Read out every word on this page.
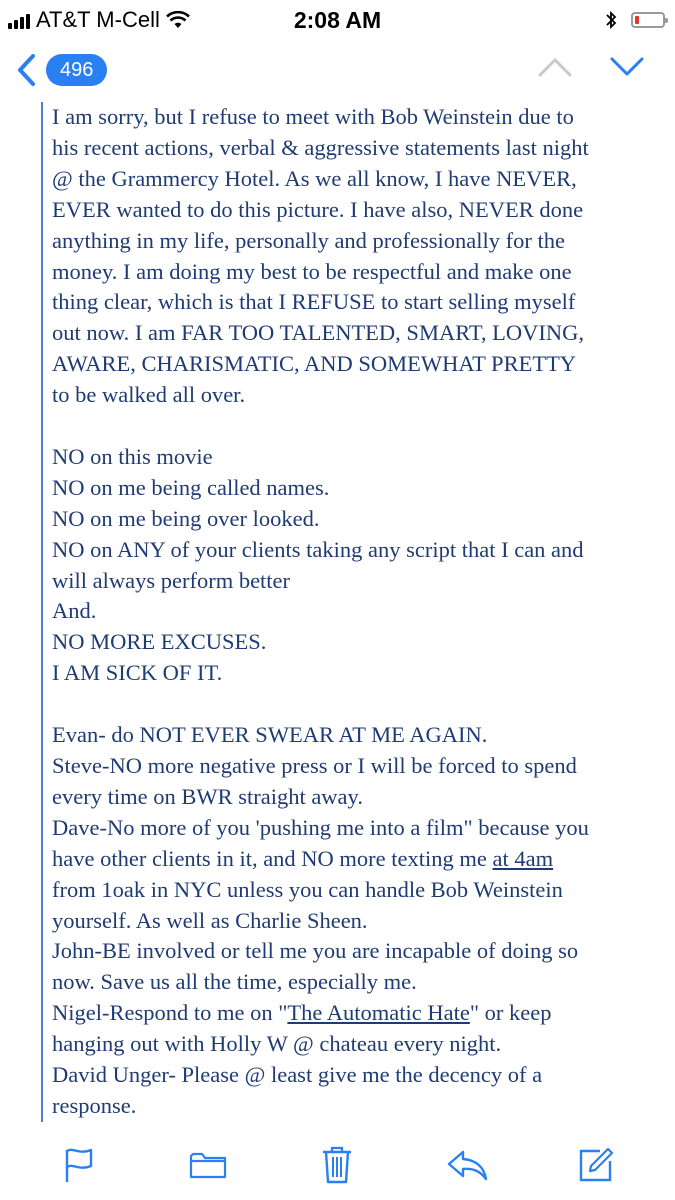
AT&T M-Cell	2:08 AM
496
I am sorry, but I refuse to meet with Bob Weinstein due to
his recent actions, verbal & aggressive statements last night
@ the Grammercy Hotel. As we all know, I have NEVER,
EVER wanted to do this picture. I have also, NEVER done
anything in my life, personally and professionally for the
money. I am doing my best to be respectful and make one
thing clear, which is that I REFUSE to start selling myself
out now. I am FAR TOO TALENTED, SMART, LOVING,
AWARE, CHARISMATIC, AND SOMEWHAT PRETTY
to be walked all over.
NO on this movie
NO on me being called names.
NO on me being over looked.
NO on ANY of your clients taking any script that I can and
will always perform better
And.
NO MORE EXCUSES.
I AM SICK OF IT.
Evan- do NOT EVER SWEAR AT ME AGAIN.
Steve-NO more negative press or I will be forced to spend
every time on BWR straight away.
Dave-No more of you 'pushing me into a film" because you
have other clients in it, and NO more texting me at 4am
from 1oak in NYC unless you can handle Bob Weinstein
yourself. As well as Charlie Sheen.
John-BE involved or tell me you are incapable of doing so
now. Save us all the time, especially me.
Nigel-Respond to me on "The Automatic Hate" or keep
hanging out with Holly W @ chateau every night.
David Unger- Please @ least give me the decency of a
response.
